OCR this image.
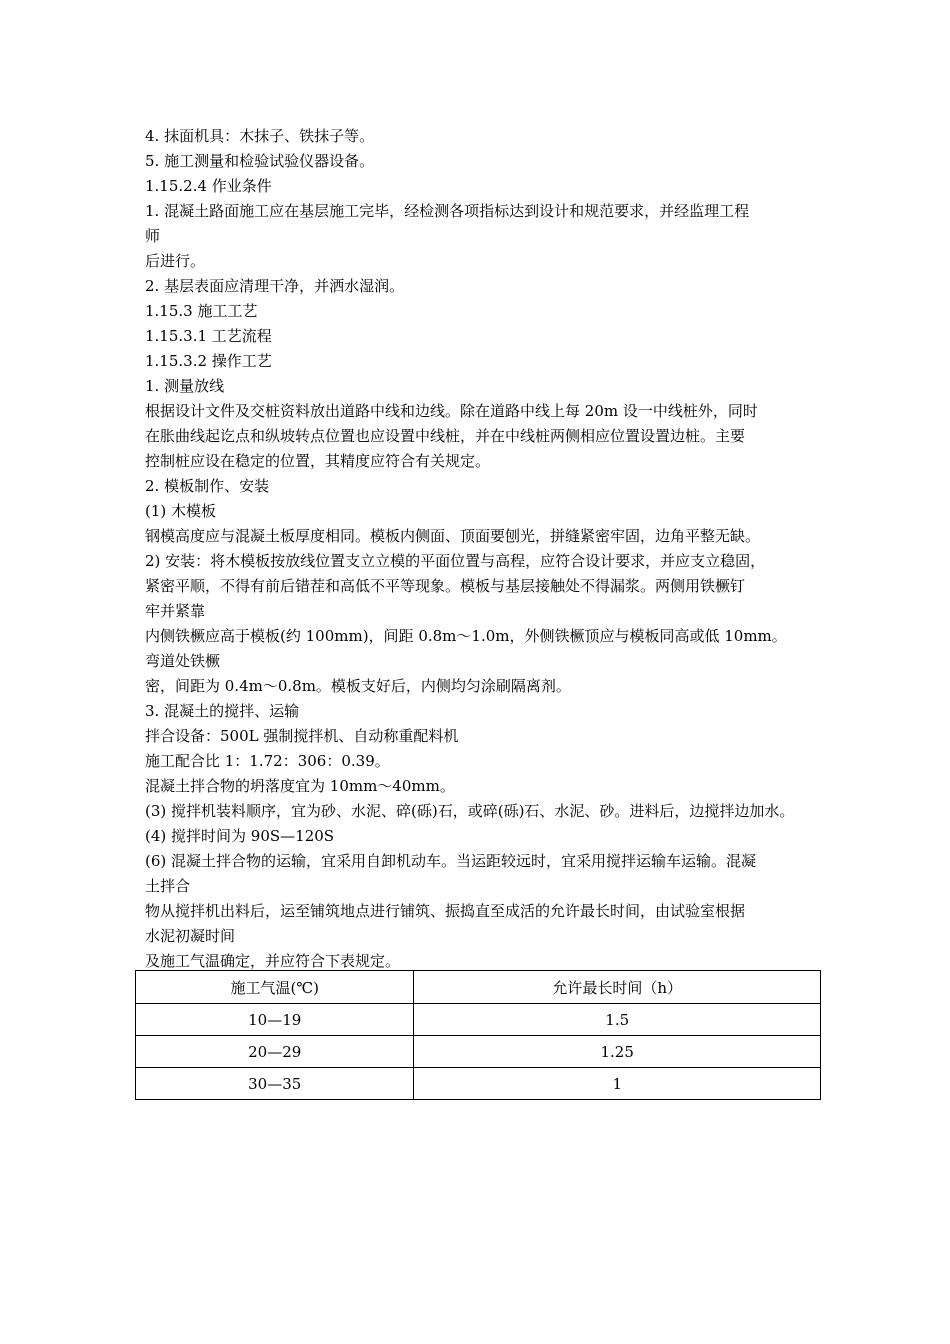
4. 抹面机具：木抹子、铁抹子等。
5. 施工测量和检验试验仪器设备。
1.15.2.4 作业条件
1. 混凝土路面施工应在基层施工完毕，经检测各项指标达到设计和规范要求，并经监理工程
师
后进行。
2. 基层表面应清理干净，并洒水湿润。
1.15.3 施工工艺
1.15.3.1 工艺流程
1.15.3.2 操作工艺
1. 测量放线
根据设计文件及交桩资料放出道路中线和边线。除在道路中线上每 20m 设一中线桩外，同时
在胀曲线起讫点和纵坡转点位置也应设置中线桩，并在中线桩两侧相应位置设置边桩。主要
控制桩应设在稳定的位置，其精度应符合有关规定。
2. 模板制作、安装
(1) 木模板
钢模高度应与混凝土板厚度相同。模板内侧面、顶面要刨光，拼缝紧密牢固，边角平整无缺。
2) 安装：将木模板按放线位置支立立模的平面位置与高程，应符合设计要求，并应支立稳固，
紧密平顺，不得有前后错茬和高低不平等现象。模板与基层接触处不得漏浆。两侧用铁橛钉
牢并紧靠
内侧铁橛应高于模板(约 100mm)，间距 0.8m～1.0m，外侧铁橛顶应与模板同高或低 10mm。
弯道处铁橛
密，间距为 0.4m～0.8m。模板支好后，内侧均匀涂刷隔离剂。
3. 混凝土的搅拌、运输
拌合设备：500L 强制搅拌机、自动称重配料机
施工配合比 1：1.72：306：0.39。
混凝土拌合物的坍落度宜为 10mm～40mm。
(3) 搅拌机装料顺序，宜为砂、水泥、碎(砾)石，或碎(砾)石、水泥、砂。进料后，边搅拌边加水。
(4) 搅拌时间为 90S—120S
(6) 混凝土拌合物的运输，宜采用自卸机动车。当运距较远时，宜采用搅拌运输车运输。混凝
土拌合
物从搅拌机出料后，运至铺筑地点进行铺筑、振捣直至成活的允许最长时间，由试验室根据
水泥初凝时间
及施工气温确定，并应符合下表规定。
施工气温(℃)	允许最长时间（h）
10—19	1.5
20—29	1.25
30—35	1
